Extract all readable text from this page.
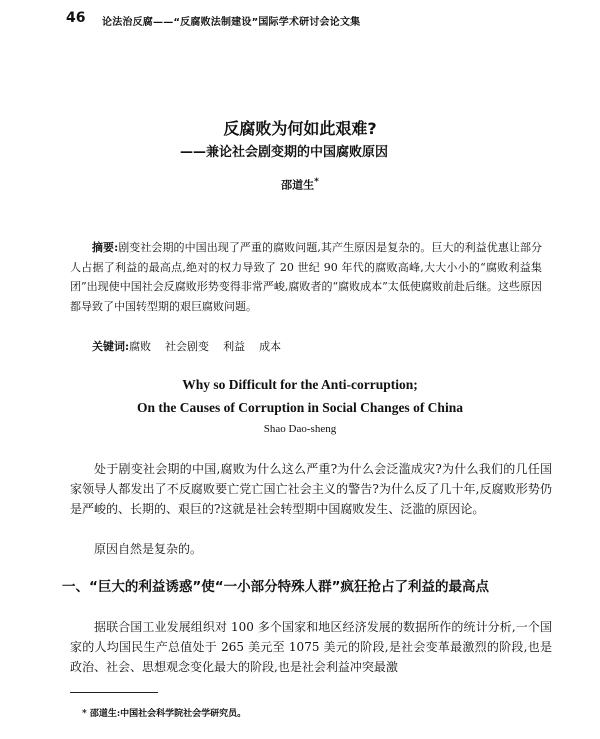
46 论法治反腐——“反腐败法制建设”国际学术研讨会论文集
反腐败为何如此艰难?
——兼论社会剧变期的中国腐败原因
邵道生*

摘要:剧变社会期的中国出现了严重的腐败问题,其产生原因是复杂的。巨大的利益优惠让部分人占据了利益的最高点,绝对的权力导致了 20 世纪 90 年代的腐败高峰,大大小小的“腐败利益集团”出现使中国社会反腐败形势变得非常严峻,腐败者的“腐败成本”太低使腐败前赴后继。这些原因都导致了中国转型期的艰巨腐败问题。

关键词:腐败 社会剧变 利益 成本
Why so Difficult for the Anti-corruption;
On the Causes of Corruption in Social Changes of China
Shao Dao-sheng

处于剧变社会期的中国,腐败为什么这么严重?为什么会泛滥成灾?为什么我们的几任国家领导人都发出了不反腐败要亡党亡国亡社会主义的警告?为什么反了几十年,反腐败形势仍是严峻的、长期的、艰巨的?这就是社会转型期中国腐败发生、泛滥的原因论。

原因自然是复杂的。

一、“巨大的利益诱惑”使“一小部分特殊人群”疯狂抢占了利益的最高点

据联合国工业发展组织对 100 多个国家和地区经济发展的数据所作的统计分析,一个国家的人均国民生产总值处于 265 美元至 1075 美元的阶段,是社会变革最激烈的阶段,也是政治、社会、思想观念变化最大的阶段,也是社会利益冲突最激

* 邵道生:中国社会科学院社会学研究员。
